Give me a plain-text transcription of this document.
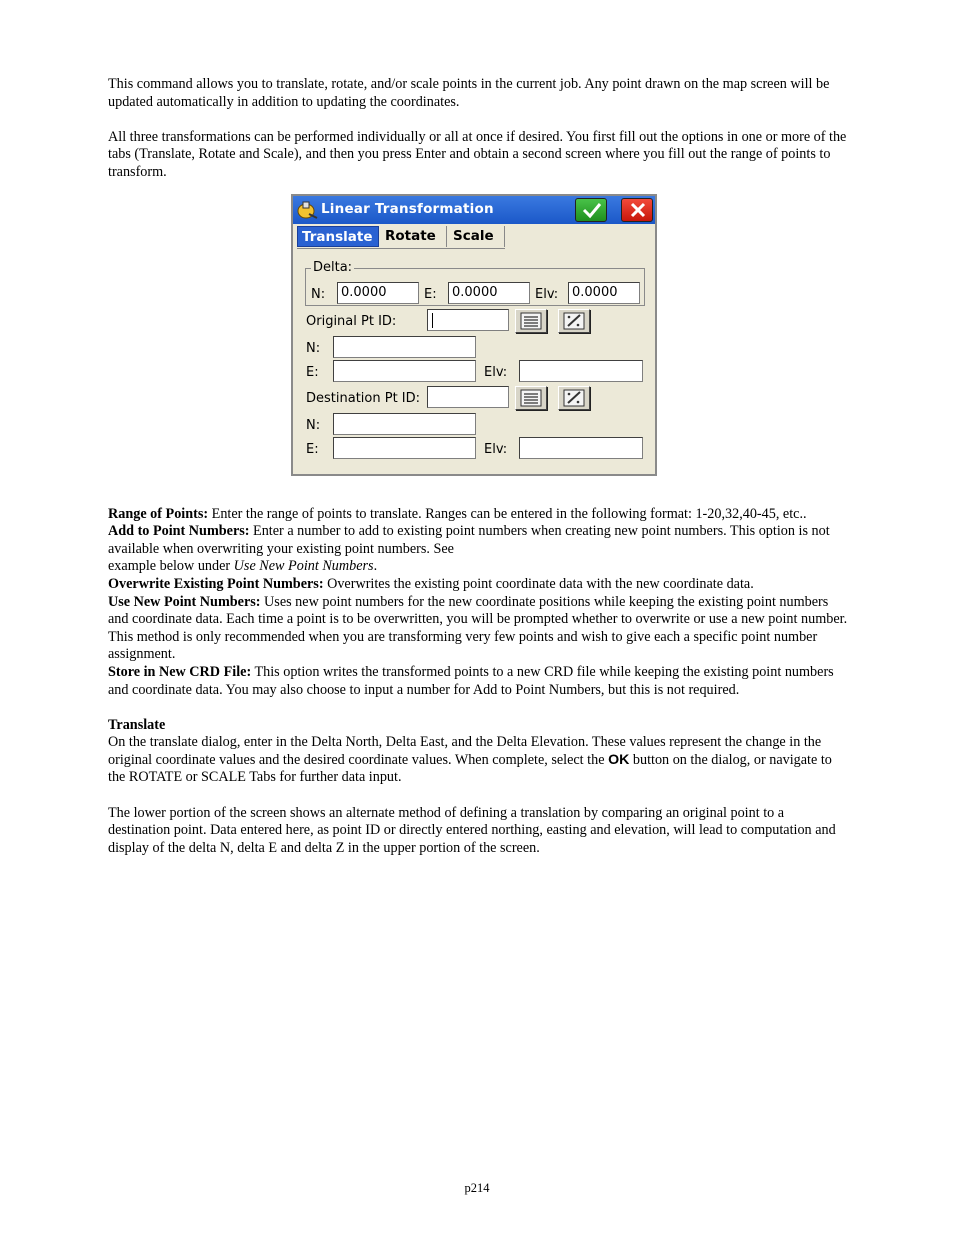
This command allows you to translate, rotate, and/or scale points in the current job. Any point drawn on the map screen will be updated automatically in addition to updating the coordinates.

All three transformations can be performed individually or all at once if desired. You first fill out the options in one or more of the tabs (Translate, Rotate and Scale), and then you press Enter and obtain a second screen where you fill out the range of points to transform.

Linear Transformation
Translate Rotate	Scale
Delta:
N:	0.0000	E:	0.0000	Elv:	0.0000
Original Pt ID:
N:
E:	Elv:
Destination Pt ID:
N:
E:	Elv:

Range of Points: Enter the range of points to translate. Ranges can be entered in the following format: 1-20,32,40-45, etc..

Add to Point Numbers: Enter a number to add to existing point numbers when creating new point numbers. This option is not available when overwriting your existing point numbers. See

example below under Use New Point Numbers.

Overwrite Existing Point Numbers: Overwrites the existing point coordinate data with the new coordinate data.

Use New Point Numbers: Uses new point numbers for the new coordinate positions while keeping the existing point numbers and coordinate data. Each time a point is to be overwritten, you will be prompted whether to overwrite or use a new point number. This method is only recommended when you are transforming very few points and wish to give each a specific point number assignment.

Store in New CRD File: This option writes the transformed points to a new CRD file while keeping the existing point numbers and coordinate data. You may also choose to input a number for Add to Point Numbers, but this is not required.

Translate

On the translate dialog, enter in the Delta North, Delta East, and the Delta Elevation. These values represent the change in the original coordinate values and the desired coordinate values. When complete, select the OK button on the dialog, or navigate to the ROTATE or SCALE Tabs for further data input.

The lower portion of the screen shows an alternate method of defining a translation by comparing an original point to a destination point. Data entered here, as point ID or directly entered northing, easting and elevation, will lead to computation and display of the delta N, delta E and delta Z in the upper portion of the screen.

p214
